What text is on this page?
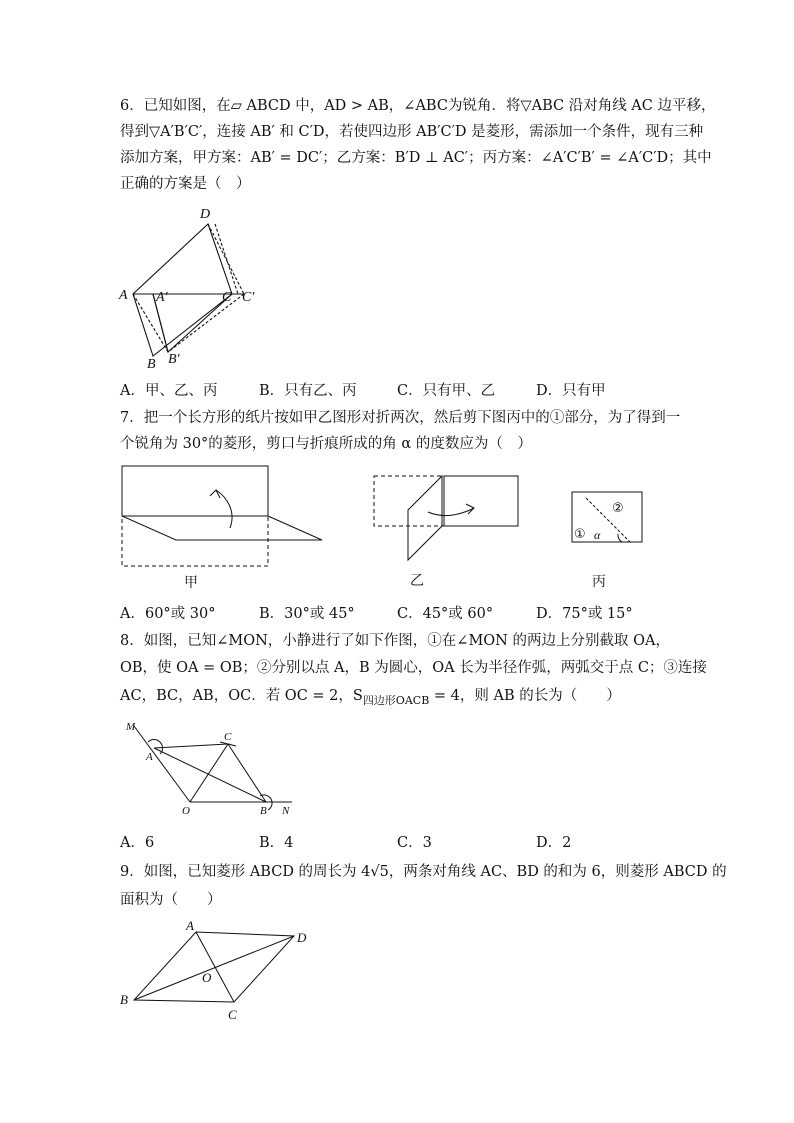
6．已知如图，在▱ ABCD 中，AD > AB，∠ABC为锐角．将▽ABC 沿对角线 AC 边平移，
得到▽A′B′C′，连接 AB′ 和 C′D，若使四边形 AB′C′D 是菱形，需添加一个条件，现有三种
添加方案，甲方案：AB′ = DC′；乙方案：B′D ⊥ AC′；丙方案：∠A′C′B′ = ∠A′C′D；其中
正确的方案是（　）
D
A A′	C C′
B B′
A．甲、乙、丙	B．只有乙、丙	C．只有甲、乙	D．只有甲
7．把一个长方形的纸片按如甲乙图形对折两次，然后剪下图丙中的①部分，为了得到一
个锐角为 30°的菱形，剪口与折痕所成的角 α 的度数应为（　）
甲	乙
②
① α
丙
A．60°或 30°	B．30°或 45°	C．45°或 60°	D．75°或 15°
8．如图，已知∠MON，小静进行了如下作图，①在∠MON 的两边上分别截取 OA，
OB，使 OA = OB；②分别以点 A，B 为圆心，OA 长为半径作弧，两弧交于点 C；③连接
AC，BC，AB，OC．若 OC = 2，$S_{四边形OACB} = 4$，则 AB 的长为（　　）
M
A
C
O	B N
A．6	B．4	C．3	D．2
9．如图，已知菱形 ABCD 的周长为 4√5，两条对角线 AC、BD 的和为 6，则菱形 ABCD 的
面积为（　　）
A
D
O
B
C
